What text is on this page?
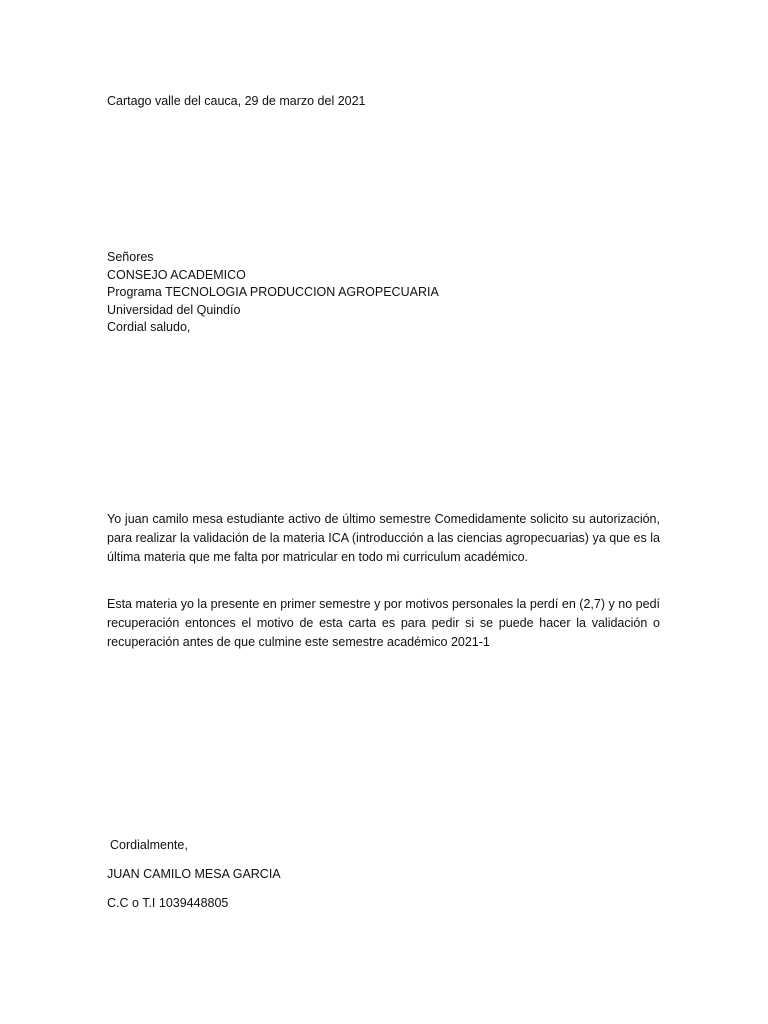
Cartago valle del cauca, 29 de marzo del 2021
Señores
CONSEJO ACADEMICO
Programa TECNOLOGIA PRODUCCION AGROPECUARIA
Universidad del Quindío
Cordial saludo,
Yo juan camilo mesa estudiante activo de último semestre Comedidamente solicito su autorización, para realizar la validación de la materia ICA (introducción a las ciencias agropecuarias) ya que es la última materia que me falta por matricular en todo mi curriculum académico.
Esta materia yo la presente en primer semestre y por motivos personales la perdí en (2,7) y no pedí recuperación entonces el motivo de esta carta es para pedir si se puede hacer la validación o recuperación antes de que culmine este semestre académico 2021-1
Cordialmente,
JUAN CAMILO MESA GARCIA
C.C o T.I 1039448805
